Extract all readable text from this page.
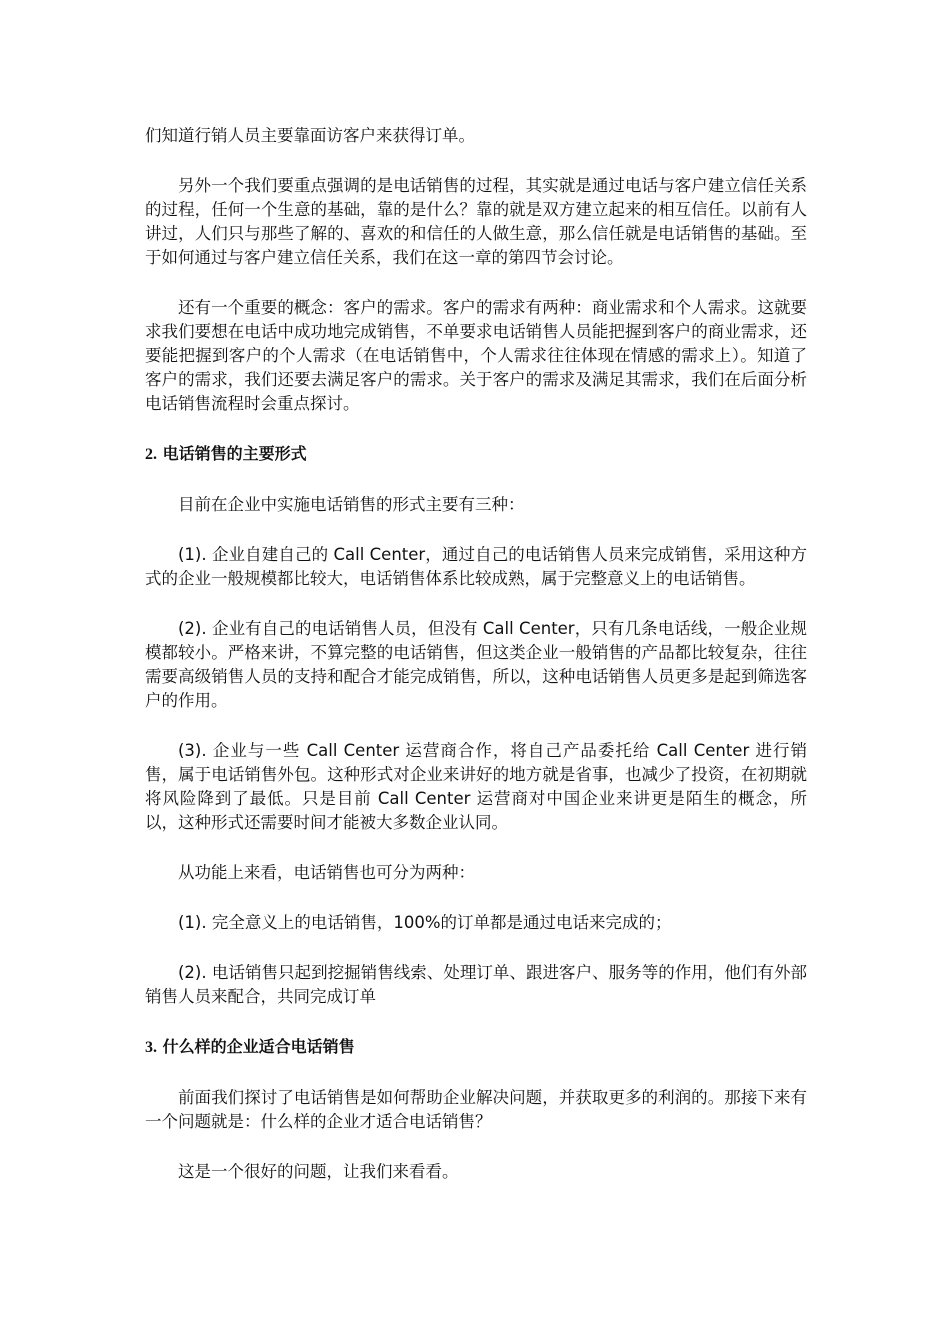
们知道行销人员主要靠面访客户来获得订单。

另外一个我们要重点强调的是电话销售的过程，其实就是通过电话与客户建立信任关系的过程，任何一个生意的基础，靠的是什么？靠的就是双方建立起来的相互信任。以前有人讲过，人们只与那些了解的、喜欢的和信任的人做生意，那么信任就是电话销售的基础。至于如何通过与客户建立信任关系，我们在这一章的第四节会讨论。

还有一个重要的概念：客户的需求。客户的需求有两种：商业需求和个人需求。这就要求我们要想在电话中成功地完成销售，不单要求电话销售人员能把握到客户的商业需求，还要能把握到客户的个人需求（在电话销售中，个人需求往往体现在情感的需求上）。知道了客户的需求，我们还要去满足客户的需求。关于客户的需求及满足其需求，我们在后面分析电话销售流程时会重点探讨。

2. 电话销售的主要形式

目前在企业中实施电话销售的形式主要有三种：

(1). 企业自建自己的 Call Center，通过自己的电话销售人员来完成销售，采用这种方式的企业一般规模都比较大，电话销售体系比较成熟，属于完整意义上的电话销售。

(2). 企业有自己的电话销售人员，但没有 Call Center，只有几条电话线，一般企业规模都较小。严格来讲，不算完整的电话销售，但这类企业一般销售的产品都比较复杂，往往需要高级销售人员的支持和配合才能完成销售，所以，这种电话销售人员更多是起到筛选客户的作用。

(3). 企业与一些 Call Center 运营商合作，将自己产品委托给 Call Center 进行销售，属于电话销售外包。这种形式对企业来讲好的地方就是省事，也减少了投资，在初期就将风险降到了最低。只是目前 Call Center 运营商对中国企业来讲更是陌生的概念，所以，这种形式还需要时间才能被大多数企业认同。

从功能上来看，电话销售也可分为两种：

(1). 完全意义上的电话销售，100%的订单都是通过电话来完成的；

(2). 电话销售只起到挖掘销售线索、处理订单、跟进客户、服务等的作用，他们有外部销售人员来配合，共同完成订单

3. 什么样的企业适合电话销售

前面我们探讨了电话销售是如何帮助企业解决问题，并获取更多的利润的。那接下来有一个问题就是：什么样的企业才适合电话销售？

这是一个很好的问题，让我们来看看。
